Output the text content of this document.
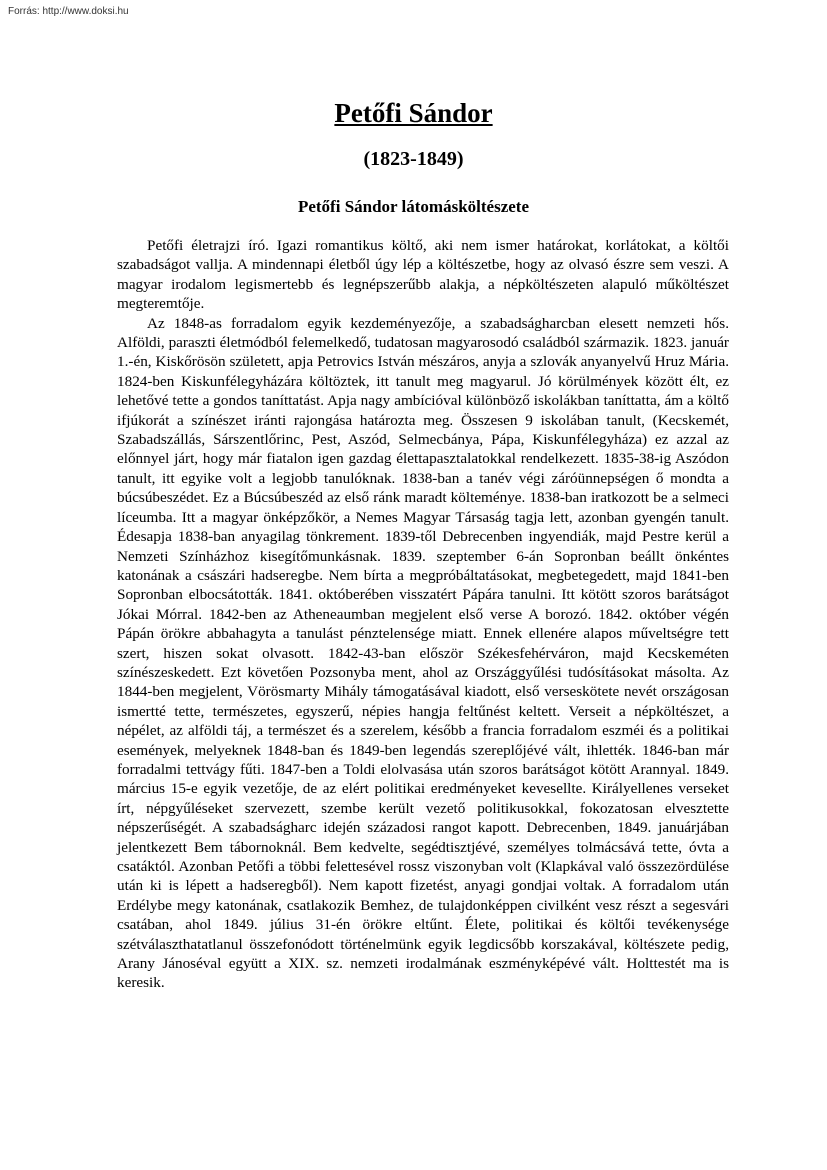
Forrás: http://www.doksi.hu
Petőfi Sándor
(1823-1849)
Petőfi Sándor látomásköltészete

Petőfi életrajzi író. Igazi romantikus költő, aki nem ismer határokat, korlátokat, a költői szabadságot vallja. A mindennapi életből úgy lép a költészetbe, hogy az olvasó észre sem veszi. A magyar irodalom legismertebb és legnépszerűbb alakja, a népköltészeten alapuló műköltészet megteremtője.

Az 1848-as forradalom egyik kezdeményezője, a szabadságharcban elesett nemzeti hős. Alföldi, paraszti életmódból felemelkedő, tudatosan magyarosodó családból származik. 1823. január 1.-én, Kiskőrösön született, apja Petrovics István mészáros, anyja a szlovák anyanyelvű Hruz Mária. 1824-ben Kiskunfélegyházára költöztek, itt tanult meg magyarul. Jó körülmények között élt, ez lehetővé tette a gondos taníttatást. Apja nagy ambícióval különböző iskolákban taníttatta, ám a költő ifjúkorát a színészet iránti rajongása határozta meg. Összesen 9 iskolában tanult, (Kecskemét, Szabadszállás, Sárszentlőrinc, Pest, Aszód, Selmecbánya, Pápa, Kiskunfélegyháza) ez azzal az előnnyel járt, hogy már fiatalon igen gazdag élettapasztalatokkal rendelkezett. 1835-38-ig Aszódon tanult, itt egyike volt a legjobb tanulóknak. 1838-ban a tanév végi záróünnepségen ő mondta a búcsúbeszédet. Ez a Búcsúbeszéd az első ránk maradt költeménye. 1838-ban iratkozott be a selmeci líceumba. Itt a magyar önképzőkör, a Nemes Magyar Társaság tagja lett, azonban gyengén tanult. Édesapja 1838-ban anyagilag tönkrement. 1839-től Debrecenben ingyendiák, majd Pestre kerül a Nemzeti Színházhoz kisegítőmunkásnak. 1839. szeptember 6-án Sopronban beállt önkéntes katonának a császári hadseregbe. Nem bírta a megpróbáltatásokat, megbetegedett, majd 1841-ben Sopronban elbocsátották. 1841. októberében visszatért Pápára tanulni. Itt kötött szoros barátságot Jókai Mórral. 1842-ben az Atheneaumban megjelent első verse A borozó. 1842. október végén Pápán örökre abbahagyta a tanulást pénztelensége miatt. Ennek ellenére alapos műveltségre tett szert, hiszen sokat olvasott. 1842-43-ban először Székesfehérváron, majd Kecskeméten színészeskedett. Ezt követően Pozsonyba ment, ahol az Országgyűlési tudósításokat másolta. Az 1844-ben megjelent, Vörösmarty Mihály támogatásával kiadott, első verseskötete nevét országosan ismertté tette, természetes, egyszerű, népies hangja feltűnést keltett. Verseit a népköltészet, a népélet, az alföldi táj, a természet és a szerelem, később a francia forradalom eszméi és a politikai események, melyeknek 1848-ban és 1849-ben legendás szereplőjévé vált, ihlették. 1846-ban már forradalmi tettvágy fűti. 1847-ben a Toldi elolvasása után szoros barátságot kötött Arannyal. 1849. március 15-e egyik vezetője, de az elért politikai eredményeket kevesellte. Királyellenes verseket írt, népgyűléseket szervezett, szembe került vezető politikusokkal, fokozatosan elvesztette népszerűségét. A szabadságharc idején századosi rangot kapott. Debrecenben, 1849. januárjában jelentkezett Bem tábornoknál. Bem kedvelte, segédtisztjévé, személyes tolmácsává tette, óvta a csatáktól. Azonban Petőfi a többi felettesével rossz viszonyban volt (Klapkával való összezördülése után ki is lépett a hadseregből). Nem kapott fizetést, anyagi gondjai voltak. A forradalom után Erdélybe megy katonának, csatlakozik Bemhez, de tulajdonképpen civilként vesz részt a segesvári csatában, ahol 1849. július 31-én örökre eltűnt. Élete, politikai és költői tevékenysége szétválaszthatatlanul összefonódott történelmünk egyik legdicsőbb korszakával, költészete pedig, Arany Jánoséval együtt a XIX. sz. nemzeti irodalmának eszményképévé vált. Holttestét ma is keresik.
